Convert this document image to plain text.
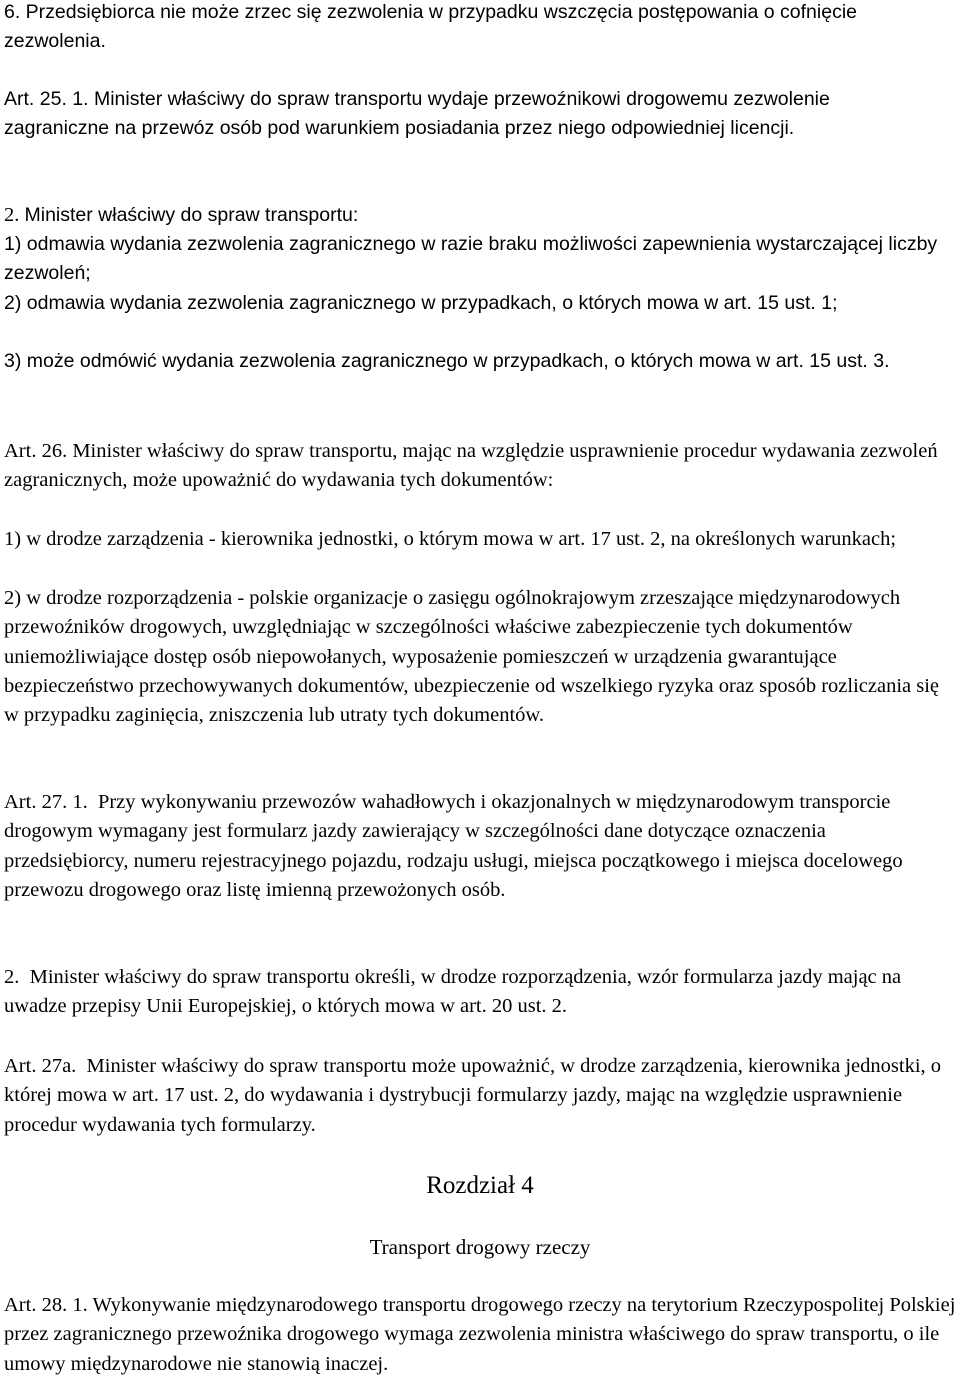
6. Przedsiębiorca nie może zrzec się zezwolenia w przypadku wszczęcia postępowania o cofnięcie zezwolenia.

Art. 25. 1. Minister właściwy do spraw transportu wydaje przewoźnikowi drogowemu zezwolenie zagraniczne na przewóz osób pod warunkiem posiadania przez niego odpowiedniej licencji.

2. Minister właściwy do spraw transportu:

1) odmawia wydania zezwolenia zagranicznego w razie braku możliwości zapewnienia wystarczającej liczby zezwoleń;

2) odmawia wydania zezwolenia zagranicznego w przypadkach, o których mowa w art. 15 ust. 1;

3) może odmówić wydania zezwolenia zagranicznego w przypadkach, o których mowa w art. 15 ust. 3.

Art. 26. Minister właściwy do spraw transportu, mając na względzie usprawnienie procedur wydawania zezwoleń zagranicznych, może upoważnić do wydawania tych dokumentów:

1) w drodze zarządzenia - kierownika jednostki, o którym mowa w art. 17 ust. 2, na określonych warunkach;

2) w drodze rozporządzenia - polskie organizacje o zasięgu ogólnokrajowym zrzeszające międzynarodowych przewoźników drogowych, uwzględniając w szczególności właściwe zabezpieczenie tych dokumentów uniemożliwiające dostęp osób niepowołanych, wyposażenie pomieszczeń w urządzenia gwarantujące bezpieczeństwo przechowywanych dokumentów, ubezpieczenie od wszelkiego ryzyka oraz sposób rozliczania się w przypadku zaginięcia, zniszczenia lub utraty tych dokumentów.

Art. 27. 1.  Przy wykonywaniu przewozów wahadłowych i okazjonalnych w międzynarodowym transporcie drogowym wymagany jest formularz jazdy zawierający w szczególności dane dotyczące oznaczenia przedsiębiorcy, numeru rejestracyjnego pojazdu, rodzaju usługi, miejsca początkowego i miejsca docelowego przewozu drogowego oraz listę imienną przewożonych osób.

2.  Minister właściwy do spraw transportu określi, w drodze rozporządzenia, wzór formularza jazdy mając na uwadze przepisy Unii Europejskiej, o których mowa w art. 20 ust. 2.

Art. 27a.  Minister właściwy do spraw transportu może upoważnić, w drodze zarządzenia, kierownika jednostki, o której mowa w art. 17 ust. 2, do wydawania i dystrybucji formularzy jazdy, mając na względzie usprawnienie procedur wydawania tych formularzy.

Rozdział 4

Transport drogowy rzeczy

Art. 28. 1. Wykonywanie międzynarodowego transportu drogowego rzeczy na terytorium Rzeczypospolitej Polskiej przez zagranicznego przewoźnika drogowego wymaga zezwolenia ministra właściwego do spraw transportu, o ile umowy międzynarodowe nie stanowią inaczej.
